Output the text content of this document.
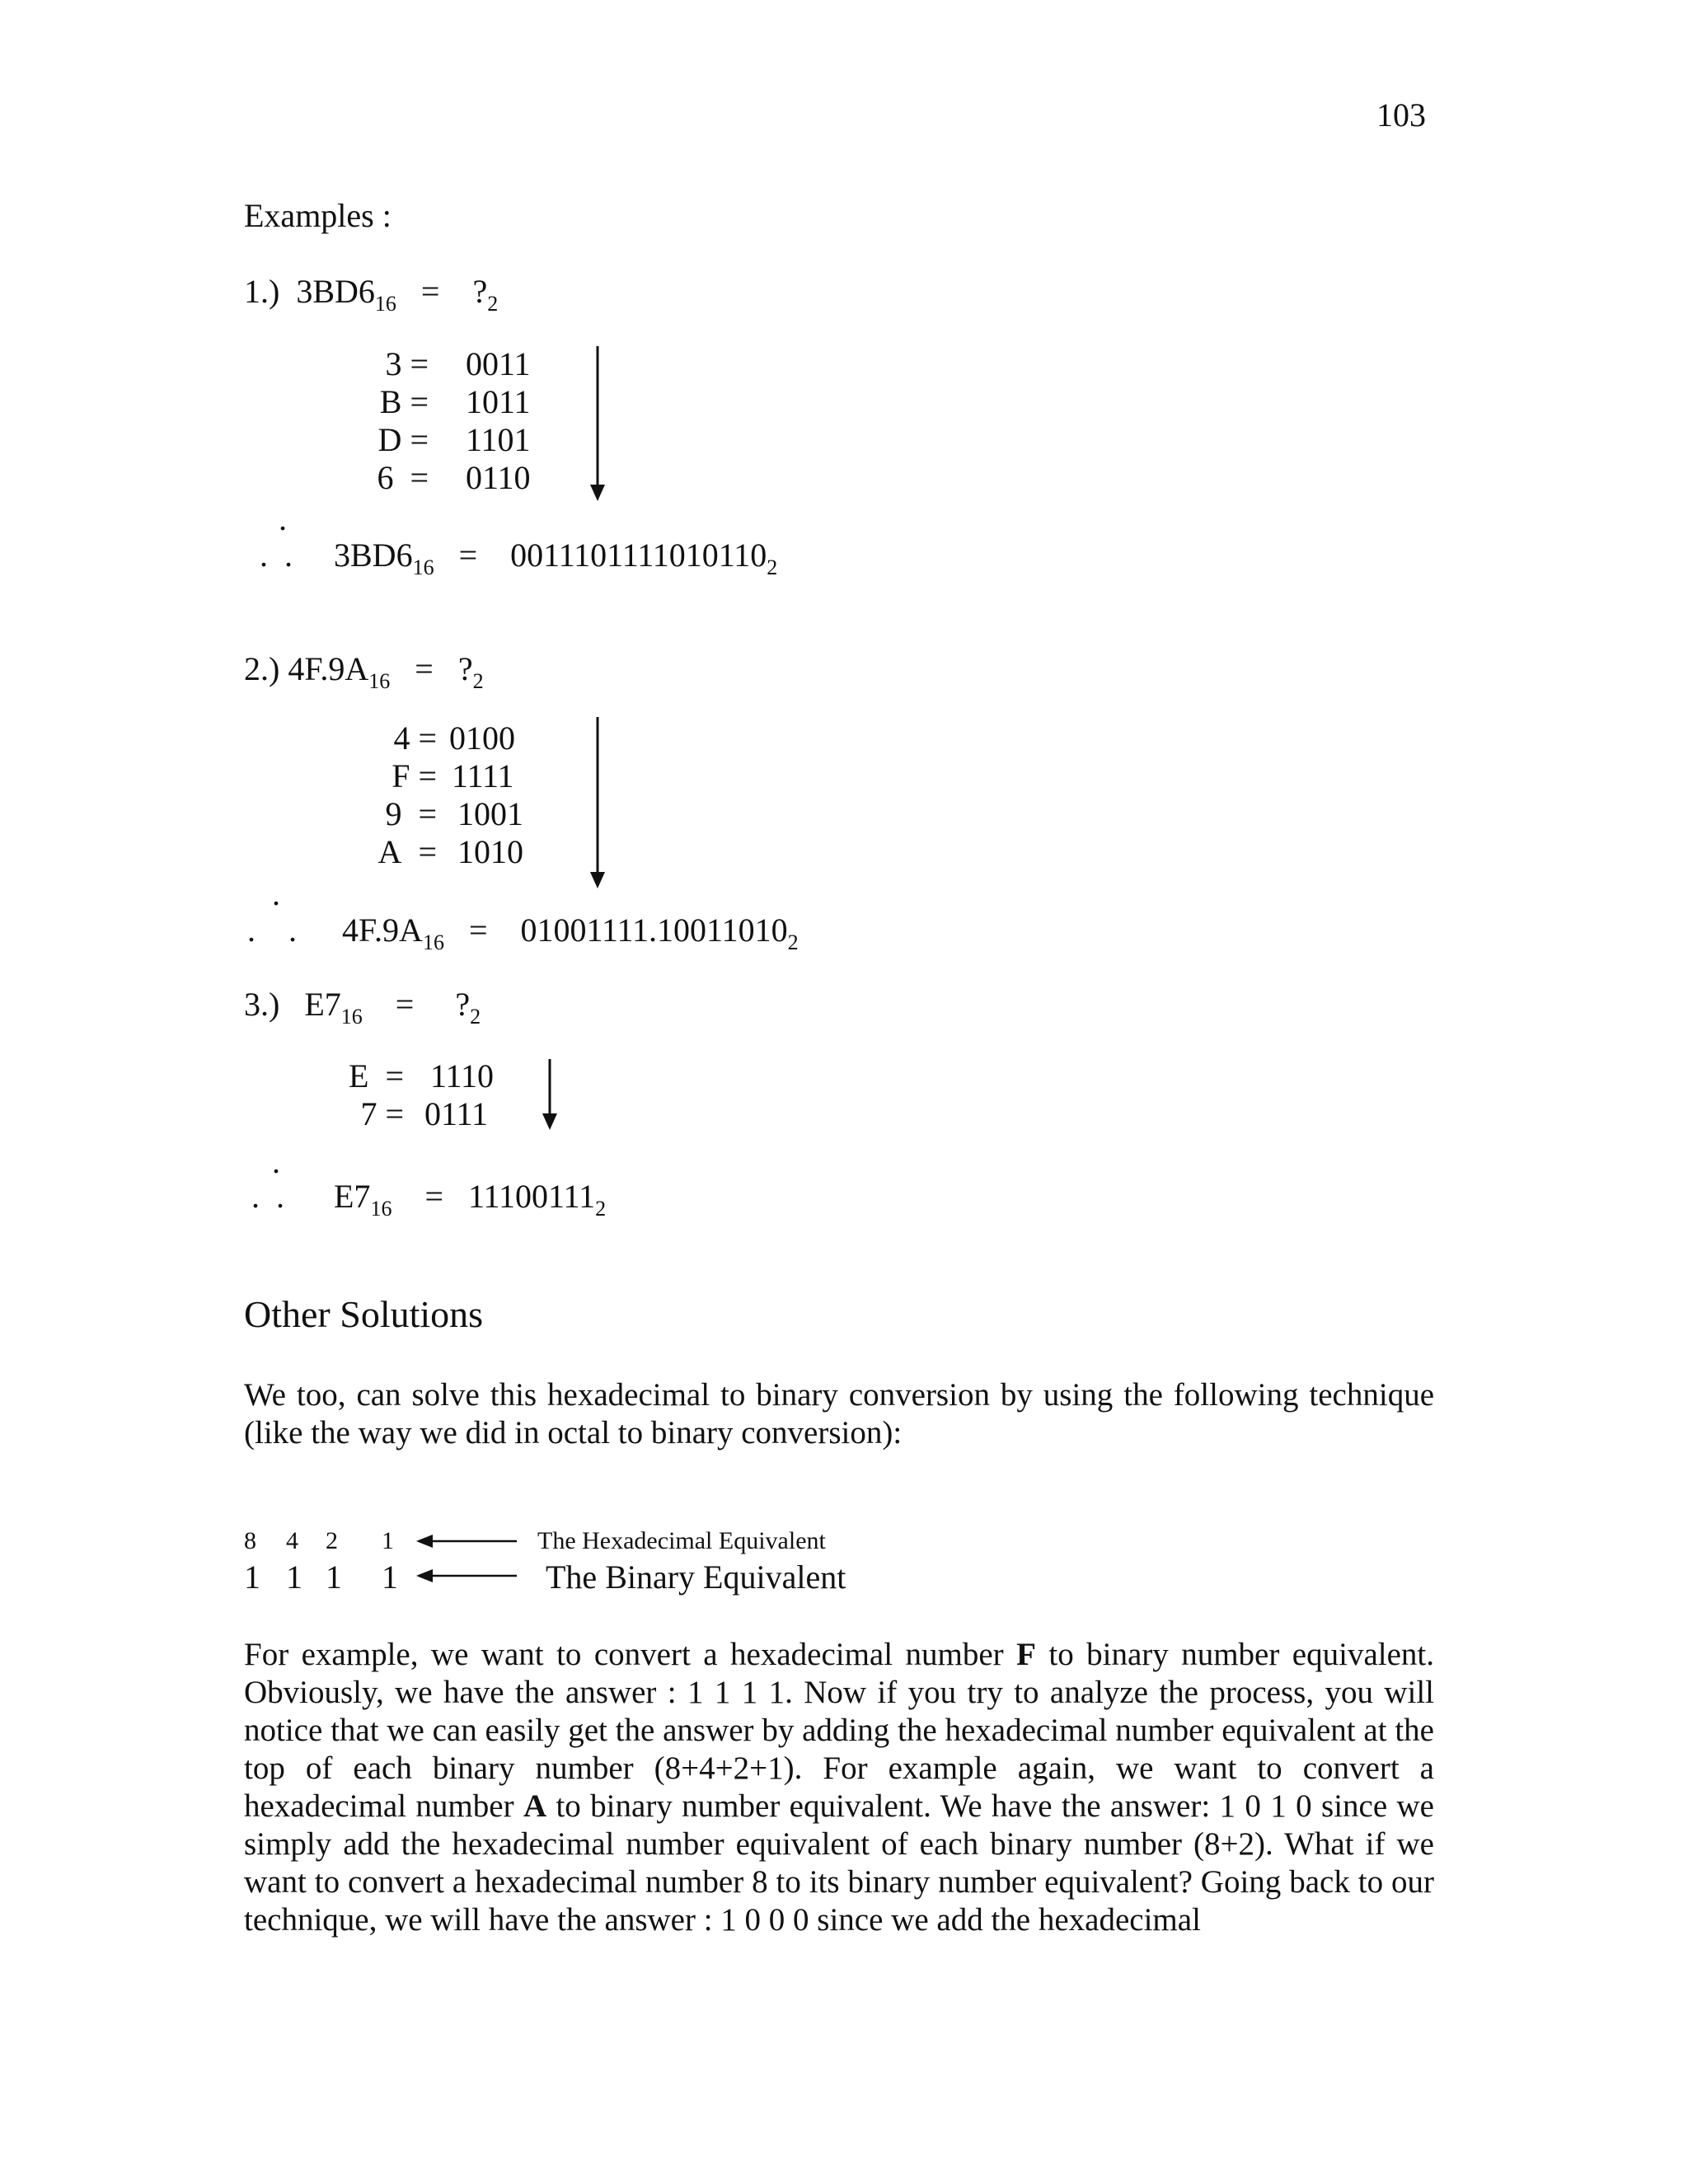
103
Examples :
1.) $3BD6_{16}$ = $?_2$
3 = 0011
B = 1011
D = 1101
6  = 0110
.
. . $3BD6_{16} = 0011101111010110_2$
2.) $4F.9A_{16}$ = $?_2$
4 = 0100
F = 1111
9  = 1001
A  = 1010
.
. . $4F.9A_{16} = 01001111.10011010_2$
3.) $E7_{16}$ = $?_2$
E  = 1110
7 = 0111
.
. . $E7_{16} = 11100111_2$
Other Solutions
We too, can solve this hexadecimal to binary conversion by using the following technique (like the way we did in octal to binary conversion):
8 4 2 1	The Hexadecimal Equivalent
1 1 1 1	The Binary Equivalent
For example, we want to convert a hexadecimal number F to binary number equivalent. Obviously, we have the answer : 1 1 1 1. Now if you try to analyze the process, you will notice that we can easily get the answer by adding the hexadecimal number equivalent at the top of each binary number (8+4+2+1). For example again, we want to convert a hexadecimal number A to binary number equivalent. We have the answer: 1 0 1 0 since we simply add the hexadecimal number equivalent of each binary number (8+2). What if we want to convert a hexadecimal number 8 to its binary number equivalent? Going back to our technique, we will have the answer : 1 0 0 0 since we add the hexadecimal
